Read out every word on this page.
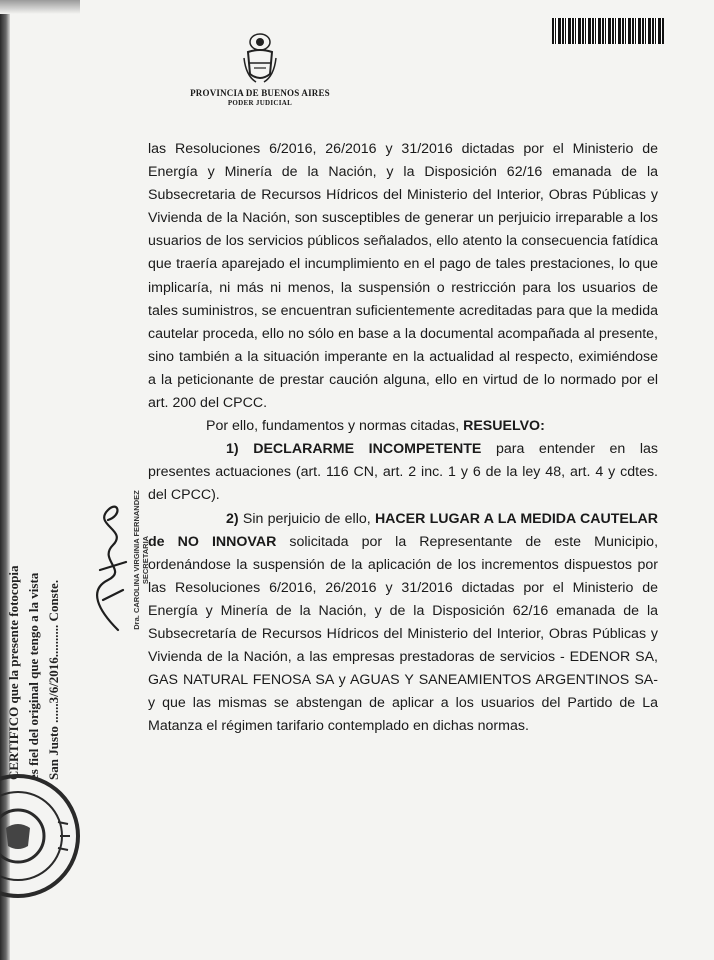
PROVINCIA DE BUENOS AIRES
PODER JUDICIAL

las Resoluciones 6/2016, 26/2016 y 31/2016 dictadas por el Ministerio de Energía y Minería de la Nación, y la Disposición 62/16 emanada de la Subsecretaria de Recursos Hídricos del Ministerio del Interior, Obras Públicas y Vivienda de la Nación, son susceptibles de generar un perjuicio irreparable a los usuarios de los servicios públicos señalados, ello atento la consecuencia fatídica que traería aparejado el incumplimiento en el pago de tales prestaciones, lo que implicaría, ni más ni menos, la suspensión o restricción para los usuarios de tales suministros, se encuentran suficientemente acreditadas para que la medida cautelar proceda, ello no sólo en base a la documental acompañada al presente, sino también a la situación imperante en la actualidad al respecto, eximiéndose a la peticionante de prestar caución alguna, ello en virtud de lo normado por el art. 200 del CPCC.

Por ello, fundamentos y normas citadas, RESUELVO:

1) DECLARARME INCOMPETENTE para entender en las presentes actuaciones (art. 116 CN, art. 2 inc. 1 y 6 de la ley 48, art. 4 y cdtes. del CPCC).

2) Sin perjuicio de ello, HACER LUGAR A LA MEDIDA CAUTELAR de NO INNOVAR solicitada por la Representante de este Municipio, ordenándose la suspensión de la aplicación de los incrementos dispuestos por las Resoluciones 6/2016, 26/2016 y 31/2016 dictadas por el Ministerio de Energía y Minería de la Nación, y de la Disposición 62/16 emanada de la Subsecretaría de Recursos Hídricos del Ministerio del Interior, Obras Públicas y Vivienda de la Nación, a las empresas prestadoras de servicios - EDENOR SA, GAS NATURAL FENOSA SA y AGUAS Y SANEAMIENTOS ARGENTINOS SA- y que las mismas se abstengan de aplicar a los usuarios del Partido de La Matanza el régimen tarifario contemplado en dichas normas.

CERTIFICO que la presente fotocopia es fiel del original que tengo a la vista San Justo ......3/6/2016.......... Conste.
Dra. CAROLINA VIRGINIA FERNANDEZ SECRETARIA
